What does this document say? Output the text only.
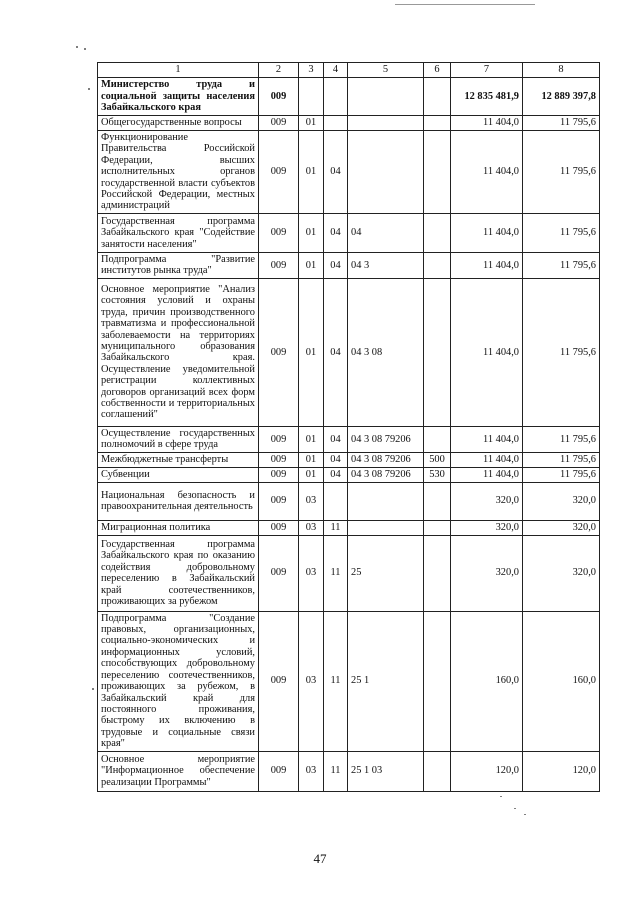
1	2	3	4	5	6	7	8
Министерство труда и социальной защиты населения Забайкальского края	009					12 835 481,9	12 889 397,8
Общегосударственные вопросы	009	01				11 404,0	11 795,6
Функционирование Правительства Российской Федерации, высших исполнительных органов государственной власти субъектов Российской Федерации, местных администраций	009	01	04			11 404,0	11 795,6
Государственная программа Забайкальского края "Содействие занятости населения"	009	01	04	04		11 404,0	11 795,6
Подпрограмма "Развитие институтов рынка труда"	009	01	04	04 3		11 404,0	11 795,6
Основное мероприятие "Анализ состояния условий и охраны труда, причин производственного травматизма и профессиональной заболеваемости на территориях муниципального образования Забайкальского края. Осуществление уведомительной регистрации коллективных договоров организаций всех форм собственности и территориальных соглашений"	009	01	04	04 3 08		11 404,0	11 795,6
Осуществление государственных полномочий в сфере труда	009	01	04	04 3 08 79206		11 404,0	11 795,6
Межбюджетные трансферты	009	01	04	04 3 08 79206	500	11 404,0	11 795,6
Субвенции	009	01	04	04 3 08 79206	530	11 404,0	11 795,6
Национальная безопасность и правоохранительная деятельность	009	03				320,0	320,0
Миграционная политика	009	03	11			320,0	320,0
Государственная программа Забайкальского края по оказанию содействия добровольному переселению в Забайкальский край соотечественников, проживающих за рубежом	009	03	11	25		320,0	320,0
Подпрограмма "Создание правовых, организационных, социально-экономических и информационных условий, способствующих добровольному переселению соотечественников, проживающих за рубежом, в Забайкальский край для постоянного проживания, быстрому их включению в трудовые и социальные связи края"	009	03	11	25 1		160,0	160,0
Основное мероприятие "Информационное обеспечение реализации Программы"	009	03	11	25 1 03		120,0	120,0
47
